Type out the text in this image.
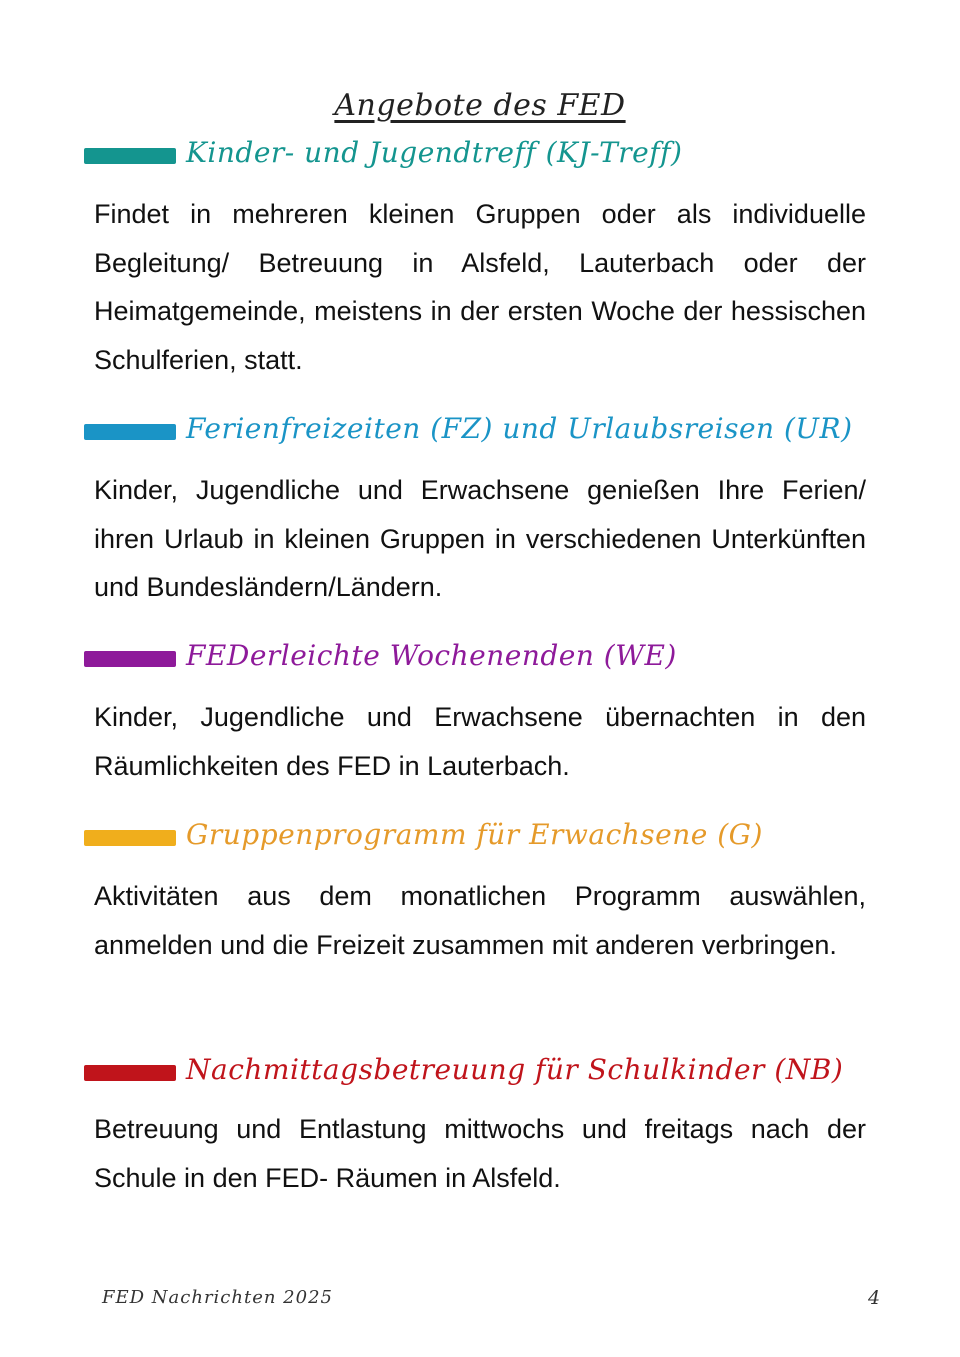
Angebote des FED
Kinder- und Jugendtreff (KJ-Treff)

Findet in mehreren kleinen Gruppen oder als individuelle Begleitung/ Betreuung in Alsfeld, Lauterbach oder der Heimatgemeinde, meistens in der ersten Woche der hessischen Schulferien, statt.

Ferienfreizeiten (FZ) und Urlaubsreisen (UR)

Kinder, Jugendliche und Erwachsene genießen Ihre Ferien/ ihren Urlaub in kleinen Gruppen in verschiedenen Unterkünften und Bundesländern/Ländern.

FEDerleichte Wochenenden (WE)

Kinder, Jugendliche und Erwachsene übernachten in den Räumlichkeiten des FED in Lauterbach.

Gruppenprogramm für Erwachsene (G)

Aktivitäten aus dem monatlichen Programm auswählen, anmelden und die Freizeit zusammen mit anderen verbringen.

Nachmittagsbetreuung für Schulkinder (NB)

Betreuung und Entlastung mittwochs und freitags nach der Schule in den FED- Räumen in Alsfeld.

FED Nachrichten 2025	4
